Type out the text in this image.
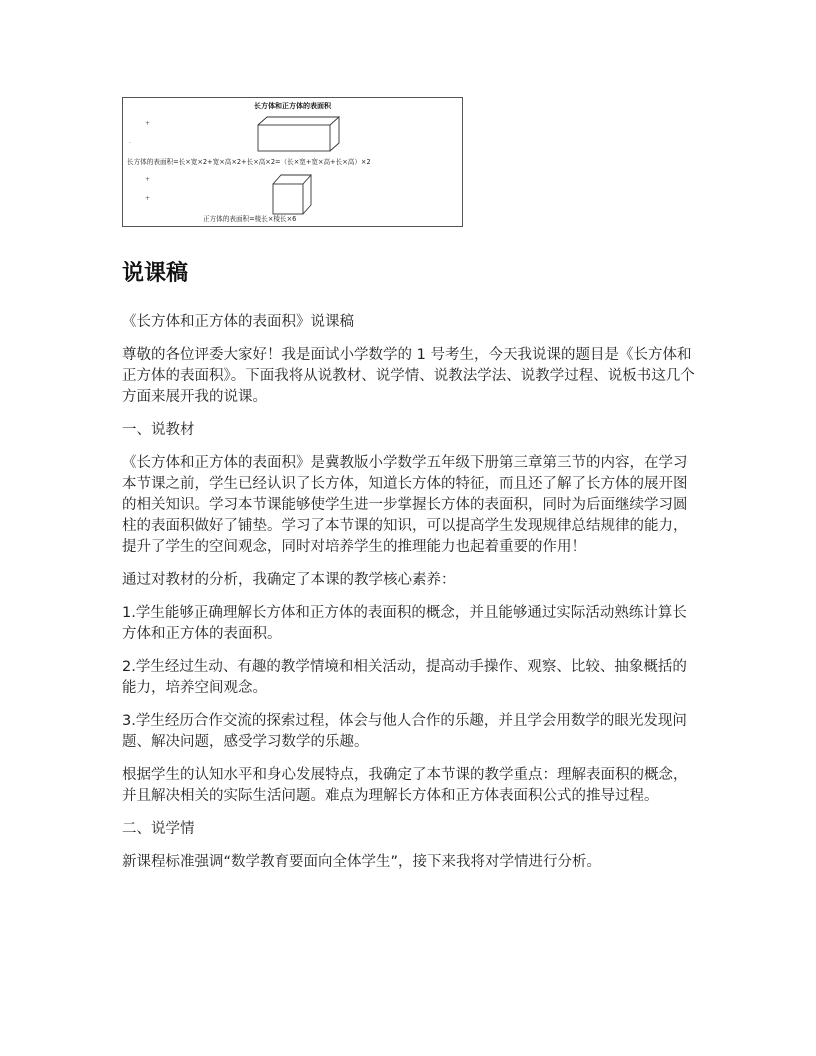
长方体和正方体的表面积
+
.
+
+
长方体的表面积=长×宽×2+宽×高×2+长×高×2=（长×宽+宽×高+长×高）×2
正方体的表面积=棱长×棱长×6
说课稿

《长方体和正方体的表面积》说课稿

尊敬的各位评委大家好！我是面试小学数学的 1 号考生，今天我说课的题目是《长方体和正方体的表面积》。下面我将从说教材、说学情、说教法学法、说教学过程、说板书这几个方面来展开我的说课。

一、说教材

《长方体和正方体的表面积》是冀教版小学数学五年级下册第三章第三节的内容，在学习本节课之前，学生已经认识了长方体，知道长方体的特征，而且还了解了长方体的展开图的相关知识。学习本节课能够使学生进一步掌握长方体的表面积，同时为后面继续学习圆柱的表面积做好了铺垫。学习了本节课的知识，可以提高学生发现规律总结规律的能力，提升了学生的空间观念，同时对培养学生的推理能力也起着重要的作用！

通过对教材的分析，我确定了本课的教学核心素养：

1.学生能够正确理解长方体和正方体的表面积的概念，并且能够通过实际活动熟练计算长方体和正方体的表面积。

2.学生经过生动、有趣的教学情境和相关活动，提高动手操作、观察、比较、抽象概括的能力，培养空间观念。

3.学生经历合作交流的探索过程，体会与他人合作的乐趣，并且学会用数学的眼光发现问题、解决问题，感受学习数学的乐趣。

根据学生的认知水平和身心发展特点，我确定了本节课的教学重点：理解表面积的概念，并且解决相关的实际生活问题。难点为理解长方体和正方体表面积公式的推导过程。

二、说学情

新课程标准强调“数学教育要面向全体学生”，接下来我将对学情进行分析。
